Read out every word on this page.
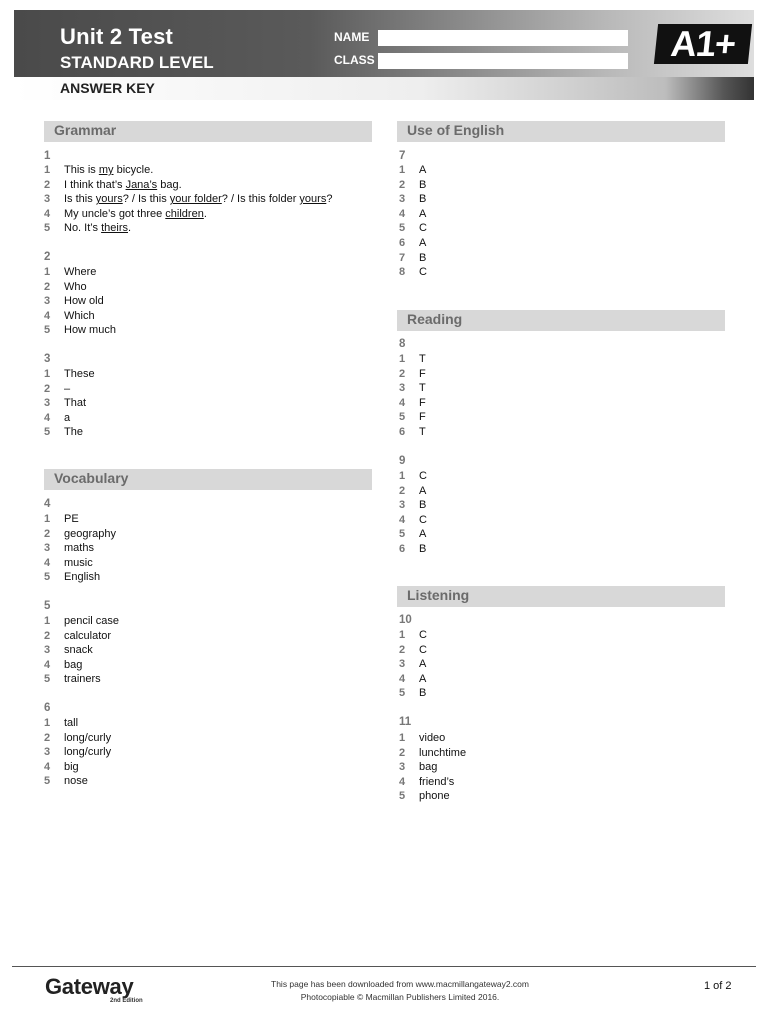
Unit 2 Test
STANDARD LEVEL
NAME
CLASS	A1+
ANSWER KEY
Grammar
1
1	This is my bicycle.
2	I think that’s Jana’s bag.
3	Is this yours? / Is this your folder? / Is this folder yours?
4	My uncle’s got three children.
5	No. It’s theirs.
2
1	Where
2	Who
3	How old
4	Which
5	How much
3
1	These
2	–
3	That
4	a
5	The
Vocabulary
4
1	PE
2	geography
3	maths
4	music
5	English
5
1	pencil case
2	calculator
3	snack
4	bag
5	trainers
6
1	tall
2	long/curly
3	long/curly
4	big
5	nose
Use of English
7
1	A
2	B
3	B
4	A
5	C
6	A
7	B
8	C
Reading
8
1	T
2	F
3	T
4	F
5	F
6	T
9
1	C
2	A
3	B
4	C
5	A
6	B
Listening
10
1	C
2	C
3	A
4	A
5	B
11
1	video
2	lunchtime
3	bag
4	friend’s
5	phone
Gateway
2nd Edition
This page has been downloaded from www.macmillangateway2.com
Photocopiable © Macmillan Publishers Limited 2016.
1 of 2
